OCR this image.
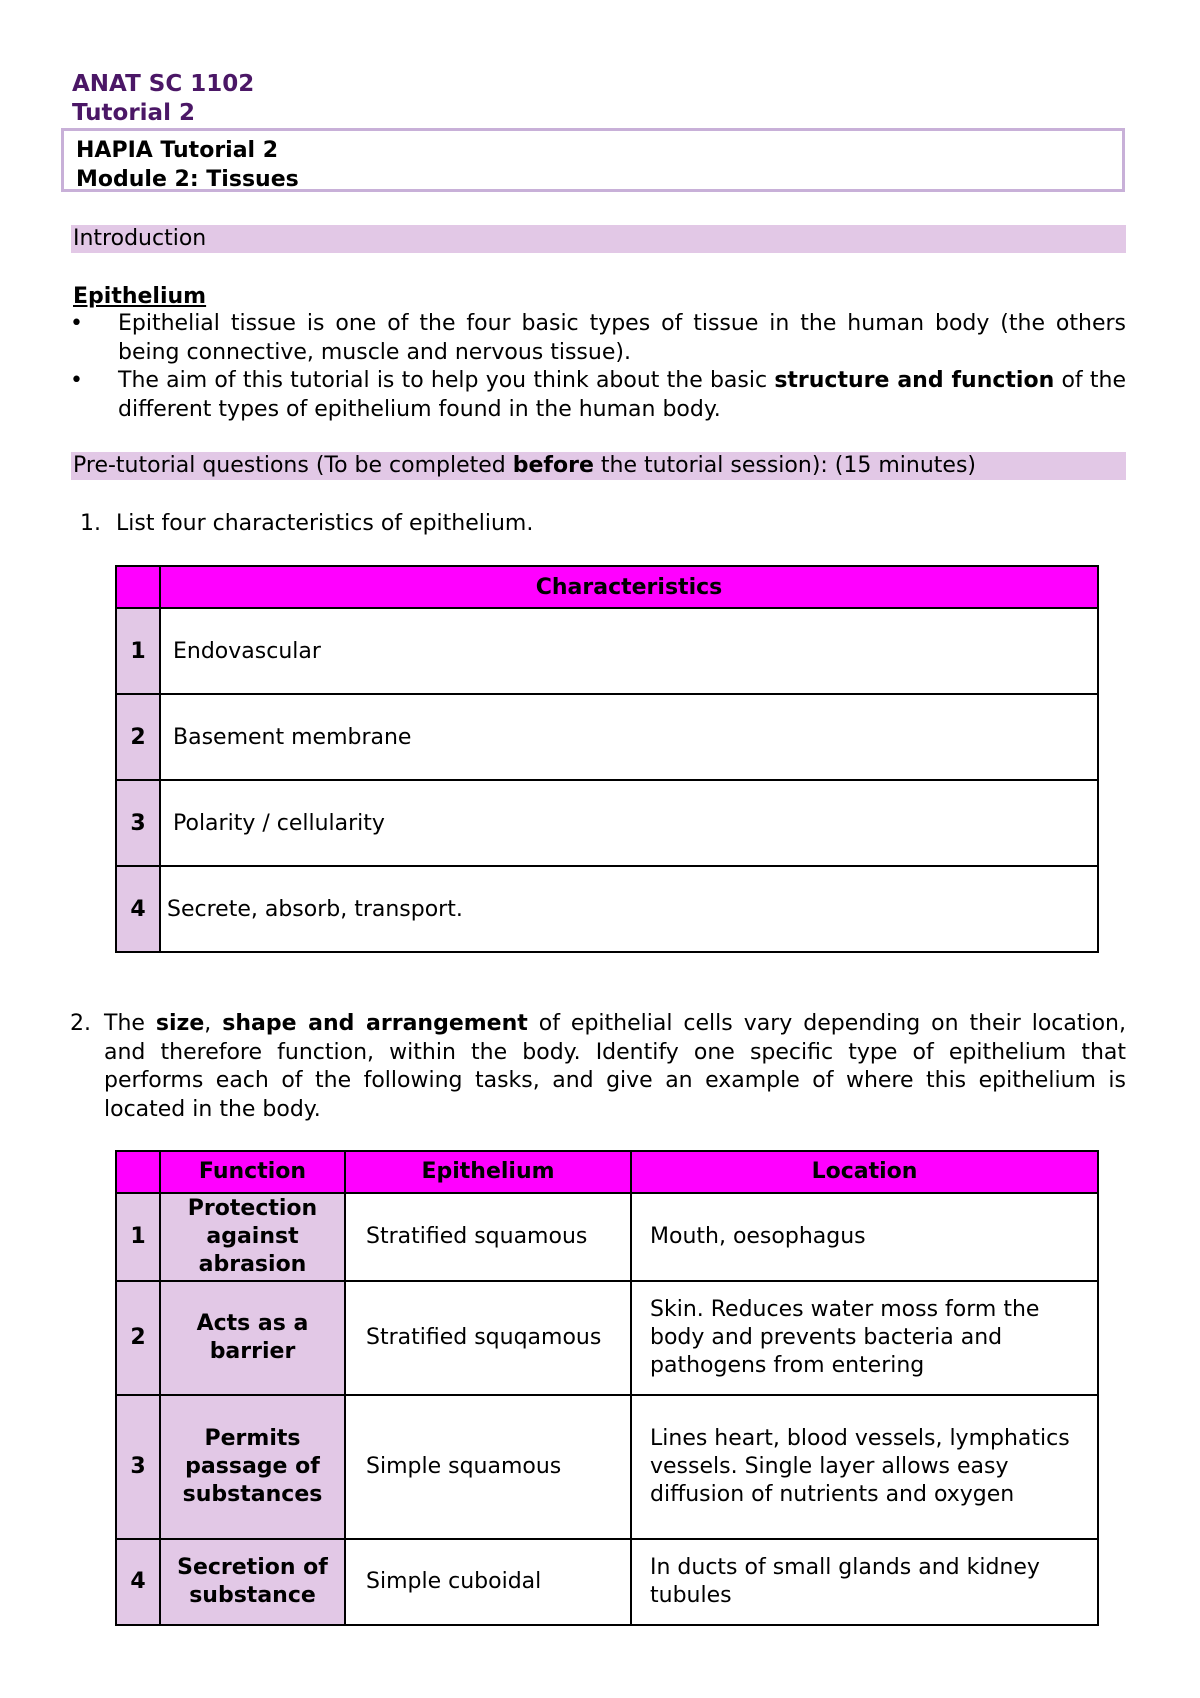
ANAT SC 1102
Tutorial 2
HAPIA Tutorial 2
Module 2: Tissues
Introduction
Epithelium
• Epithelial tissue is one of the four basic types of tissue in the human body (the others being connective, muscle and nervous tissue).
• The aim of this tutorial is to help you think about the basic structure and function of the different types of epithelium found in the human body.
Pre-tutorial questions (To be completed before the tutorial session): (15 minutes)
1. List four characteristics of epithelium.
	Characteristics
1	Endovascular
2	Basement membrane
3	Polarity / cellularity
4	Secrete, absorb, transport.
2. The size, shape and arrangement of epithelial cells vary depending on their location, and therefore function, within the body. Identify one specific type of epithelium that performs each of the following tasks, and give an example of where this epithelium is located in the body.
	Function	Epithelium	Location
1	Protection against abrasion	Stratified squamous	Mouth, oesophagus
2	Acts as a barrier	Stratified squqamous	Skin. Reduces water moss form the body and prevents bacteria and pathogens from entering
3	Permits passage of substances	Simple squamous	Lines heart, blood vessels, lymphatics vessels. Single layer allows easy diffusion of nutrients and oxygen
4	Secretion of substance	Simple cuboidal	In ducts of small glands and kidney tubules
